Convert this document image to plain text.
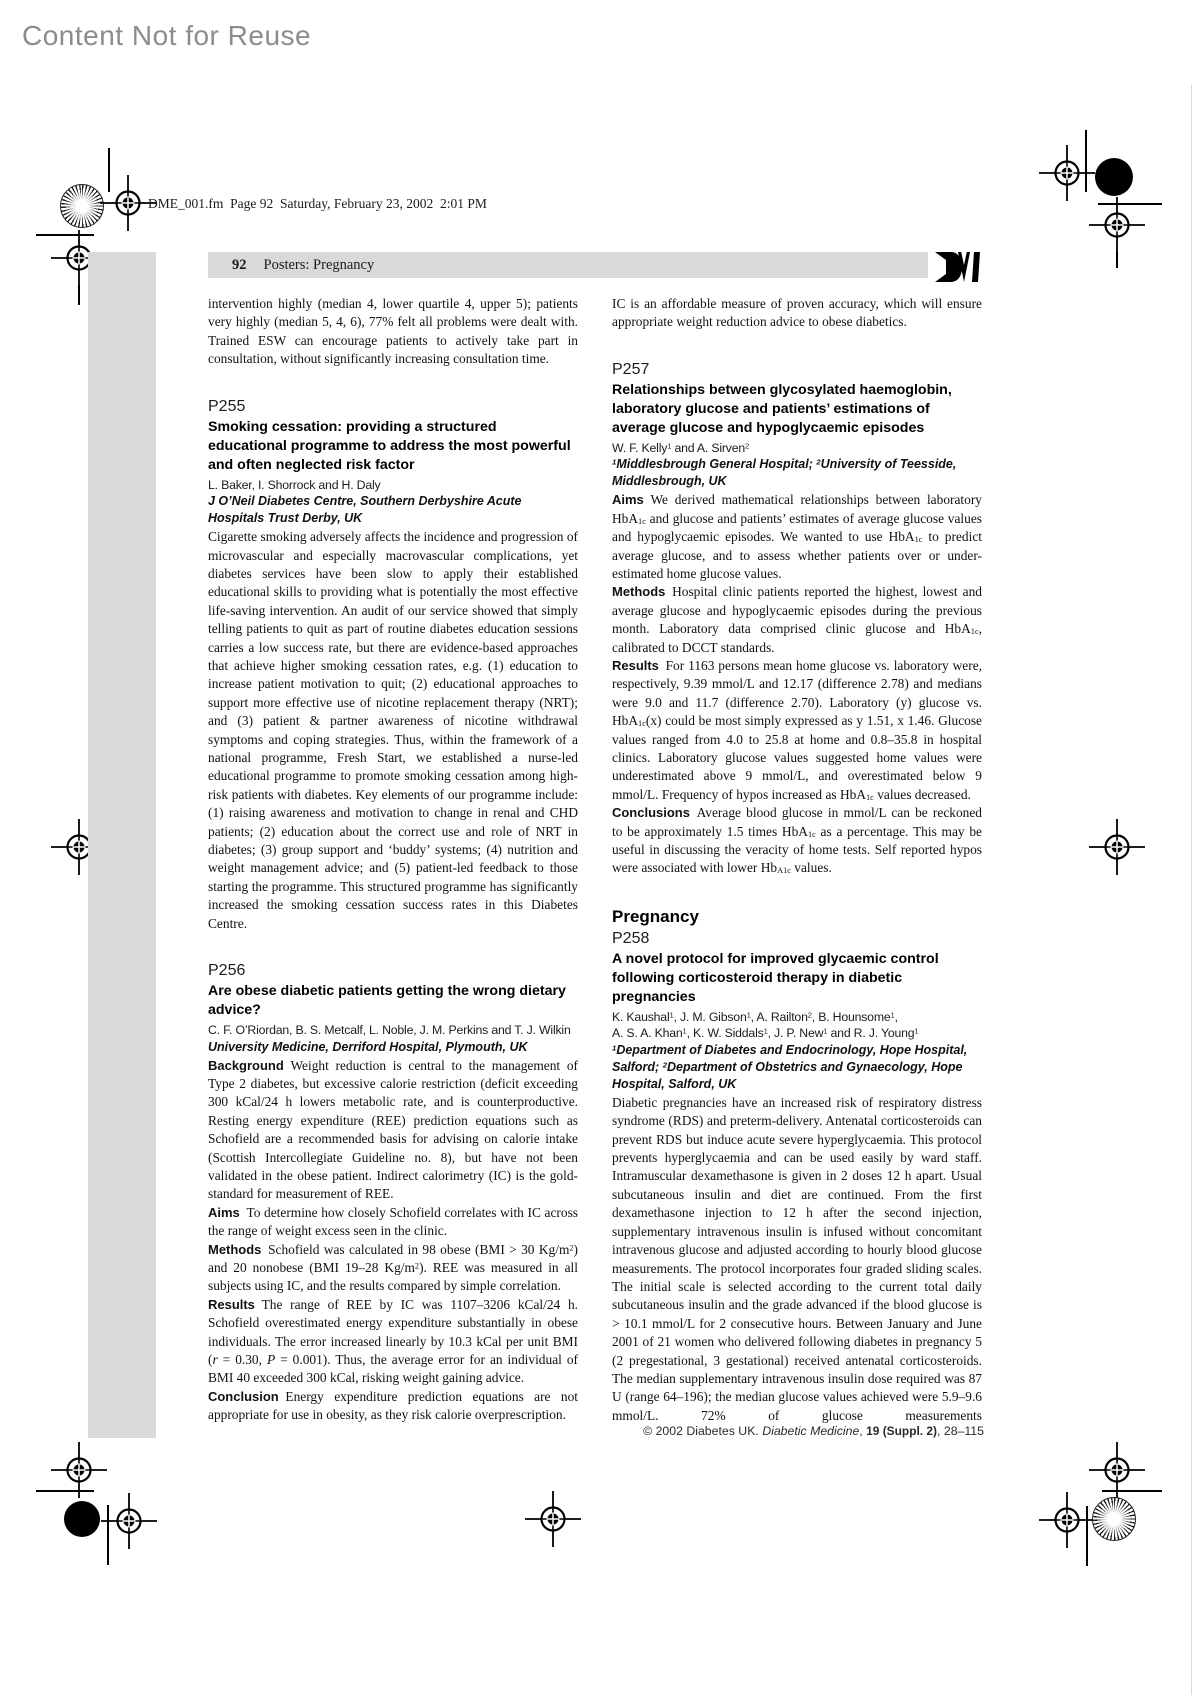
Content Not for Reuse
DME_001.fm Page 92 Saturday, February 23, 2002 2:01 PM
92 Posters: Pregnancy

intervention highly (median 4, lower quartile 4, upper 5); patients very highly (median 5, 4, 6), 77% felt all problems were dealt with. Trained ESW can encourage patients to actively take part in consultation, without significantly increasing consultation time.

P255
Smoking cessation: providing a structured educational programme to address the most powerful and often neglected risk factor

L. Baker, I. Shorrock and H. Daly

J O’Neil Diabetes Centre, Southern Derbyshire Acute Hospitals Trust Derby, UK

Cigarette smoking adversely affects the incidence and progression of microvascular and especially macrovascular complications, yet diabetes services have been slow to apply their established educational skills to providing what is potentially the most effective life-saving intervention. An audit of our service showed that simply telling patients to quit as part of routine diabetes education sessions carries a low success rate, but there are evidence-based approaches that achieve higher smoking cessation rates, e.g. (1) education to increase patient motivation to quit; (2) educational approaches to support more effective use of nicotine replacement therapy (NRT); and (3) patient & partner awareness of nicotine withdrawal symptoms and coping strategies. Thus, within the framework of a national programme, Fresh Start, we established a nurse-led educational programme to promote smoking cessation among high-risk patients with diabetes. Key elements of our programme include: (1) raising awareness and motivation to change in renal and CHD patients; (2) education about the correct use and role of NRT in diabetes; (3) group support and ‘buddy’ systems; (4) nutrition and weight management advice; and (5) patient-led feedback to those starting the programme. This structured programme has significantly increased the smoking cessation success rates in this Diabetes Centre.

P256
Are obese diabetic patients getting the wrong dietary advice?

C. F. O’Riordan, B. S. Metcalf, L. Noble, J. M. Perkins and T. J. Wilkin

University Medicine, Derriford Hospital, Plymouth, UK

Background Weight reduction is central to the management of Type 2 diabetes, but excessive calorie restriction (deficit exceeding 300 kCal/24 h lowers metabolic rate, and is counterproductive. Resting energy expenditure (REE) prediction equations such as Schofield are a recommended basis for advising on calorie intake (Scottish Intercollegiate Guideline no. 8), but have not been validated in the obese patient. Indirect calorimetry (IC) is the gold-standard for measurement of REE.

Aims To determine how closely Schofield correlates with IC across the range of weight excess seen in the clinic.

Methods Schofield was calculated in 98 obese (BMI > 30 $Kg/m^2$) and 20 nonobese (BMI 19–28 $Kg/m^2$). REE was measured in all subjects using IC, and the results compared by simple correlation.

Results The range of REE by IC was 1107–3206 kCal/24 h. Schofield overestimated energy expenditure substantially in obese individuals. The error increased linearly by 10.3 kCal per unit BMI (r = 0.30, P = 0.001). Thus, the average error for an individual of BMI 40 exceeded 300 kCal, risking weight gaining advice.

Conclusion Energy expenditure prediction equations are not appropriate for use in obesity, as they risk calorie overprescription.

IC is an affordable measure of proven accuracy, which will ensure appropriate weight reduction advice to obese diabetics.

P257
Relationships between glycosylated haemoglobin, laboratory glucose and patients’ estimations of average glucose and hypoglycaemic episodes

W. F. Kelly$^1$ and A. Sirven$^2$

$^1$Middlesbrough General Hospital; $^2$University of Teesside, Middlesbrough, UK

Aims We derived mathematical relationships between laboratory HbA$_{1c}$ and glucose and patients’ estimates of average glucose values and hypoglycaemic episodes. We wanted to use HbA$_{1c}$ to predict average glucose, and to assess whether patients over or under-estimated home glucose values.

Methods Hospital clinic patients reported the highest, lowest and average glucose and hypoglycaemic episodes during the previous month. Laboratory data comprised clinic glucose and HbA$_{1c}$, calibrated to DCCT standards.

Results For 1163 persons mean home glucose vs. laboratory were, respectively, 9.39 mmol/L and 12.17 (difference 2.78) and medians were 9.0 and 11.7 (difference 2.70). Laboratory (y) glucose vs. HbA$_{1c}$(x) could be most simply expressed as y 1.51, x 1.46. Glucose values ranged from 4.0 to 25.8 at home and 0.8–35.8 in hospital clinics. Laboratory glucose values suggested home values were underestimated above 9 mmol/L, and overestimated below 9 mmol/L. Frequency of hypos increased as HbA$_{1c}$ values decreased.

Conclusions Average blood glucose in mmol/L can be reckoned to be approximately 1.5 times HbA$_{1c}$ as a percentage. This may be useful in discussing the veracity of home tests. Self reported hypos were associated with lower $Hb_{A1c}$ values.

Pregnancy
P258
A novel protocol for improved glycaemic control following corticosteroid therapy in diabetic pregnancies

K. Kaushal$^1$, J. M. Gibson$^1$, A. Railton$^2$, B. Hounsome$^1$,
A. S. A. Khan$^1$, K. W. Siddals$^1$, J. P. New$^1$ and R. J. Young$^1$

$^1$Department of Diabetes and Endocrinology, Hope Hospital, Salford; $^2$Department of Obstetrics and Gynaecology, Hope Hospital, Salford, UK

Diabetic pregnancies have an increased risk of respiratory distress syndrome (RDS) and preterm-delivery. Antenatal corticosteroids can prevent RDS but induce acute severe hyperglycaemia. This protocol prevents hyperglycaemia and can be used easily by ward staff. Intramuscular dexamethasone is given in 2 doses 12 h apart. Usual subcutaneous insulin and diet are continued. From the first dexamethasone injection to 12 h after the second injection, supplementary intravenous insulin is infused without concomitant intravenous glucose and adjusted according to hourly blood glucose measurements. The protocol incorporates four graded sliding scales. The initial scale is selected according to the current total daily subcutaneous insulin and the grade advanced if the blood glucose is > 10.1 mmol/L for 2 consecutive hours. Between January and June 2001 of 21 women who delivered following diabetes in pregnancy 5 (2 pregestational, 3 gestational) received antenatal corticosteroids. The median supplementary intravenous insulin dose required was 87 U (range 64–196); the median glucose values achieved were 5.9–9.6 mmol/L. 72% of glucose measurements

© 2002 Diabetes UK. Diabetic Medicine, 19 (Suppl. 2), 28–115
